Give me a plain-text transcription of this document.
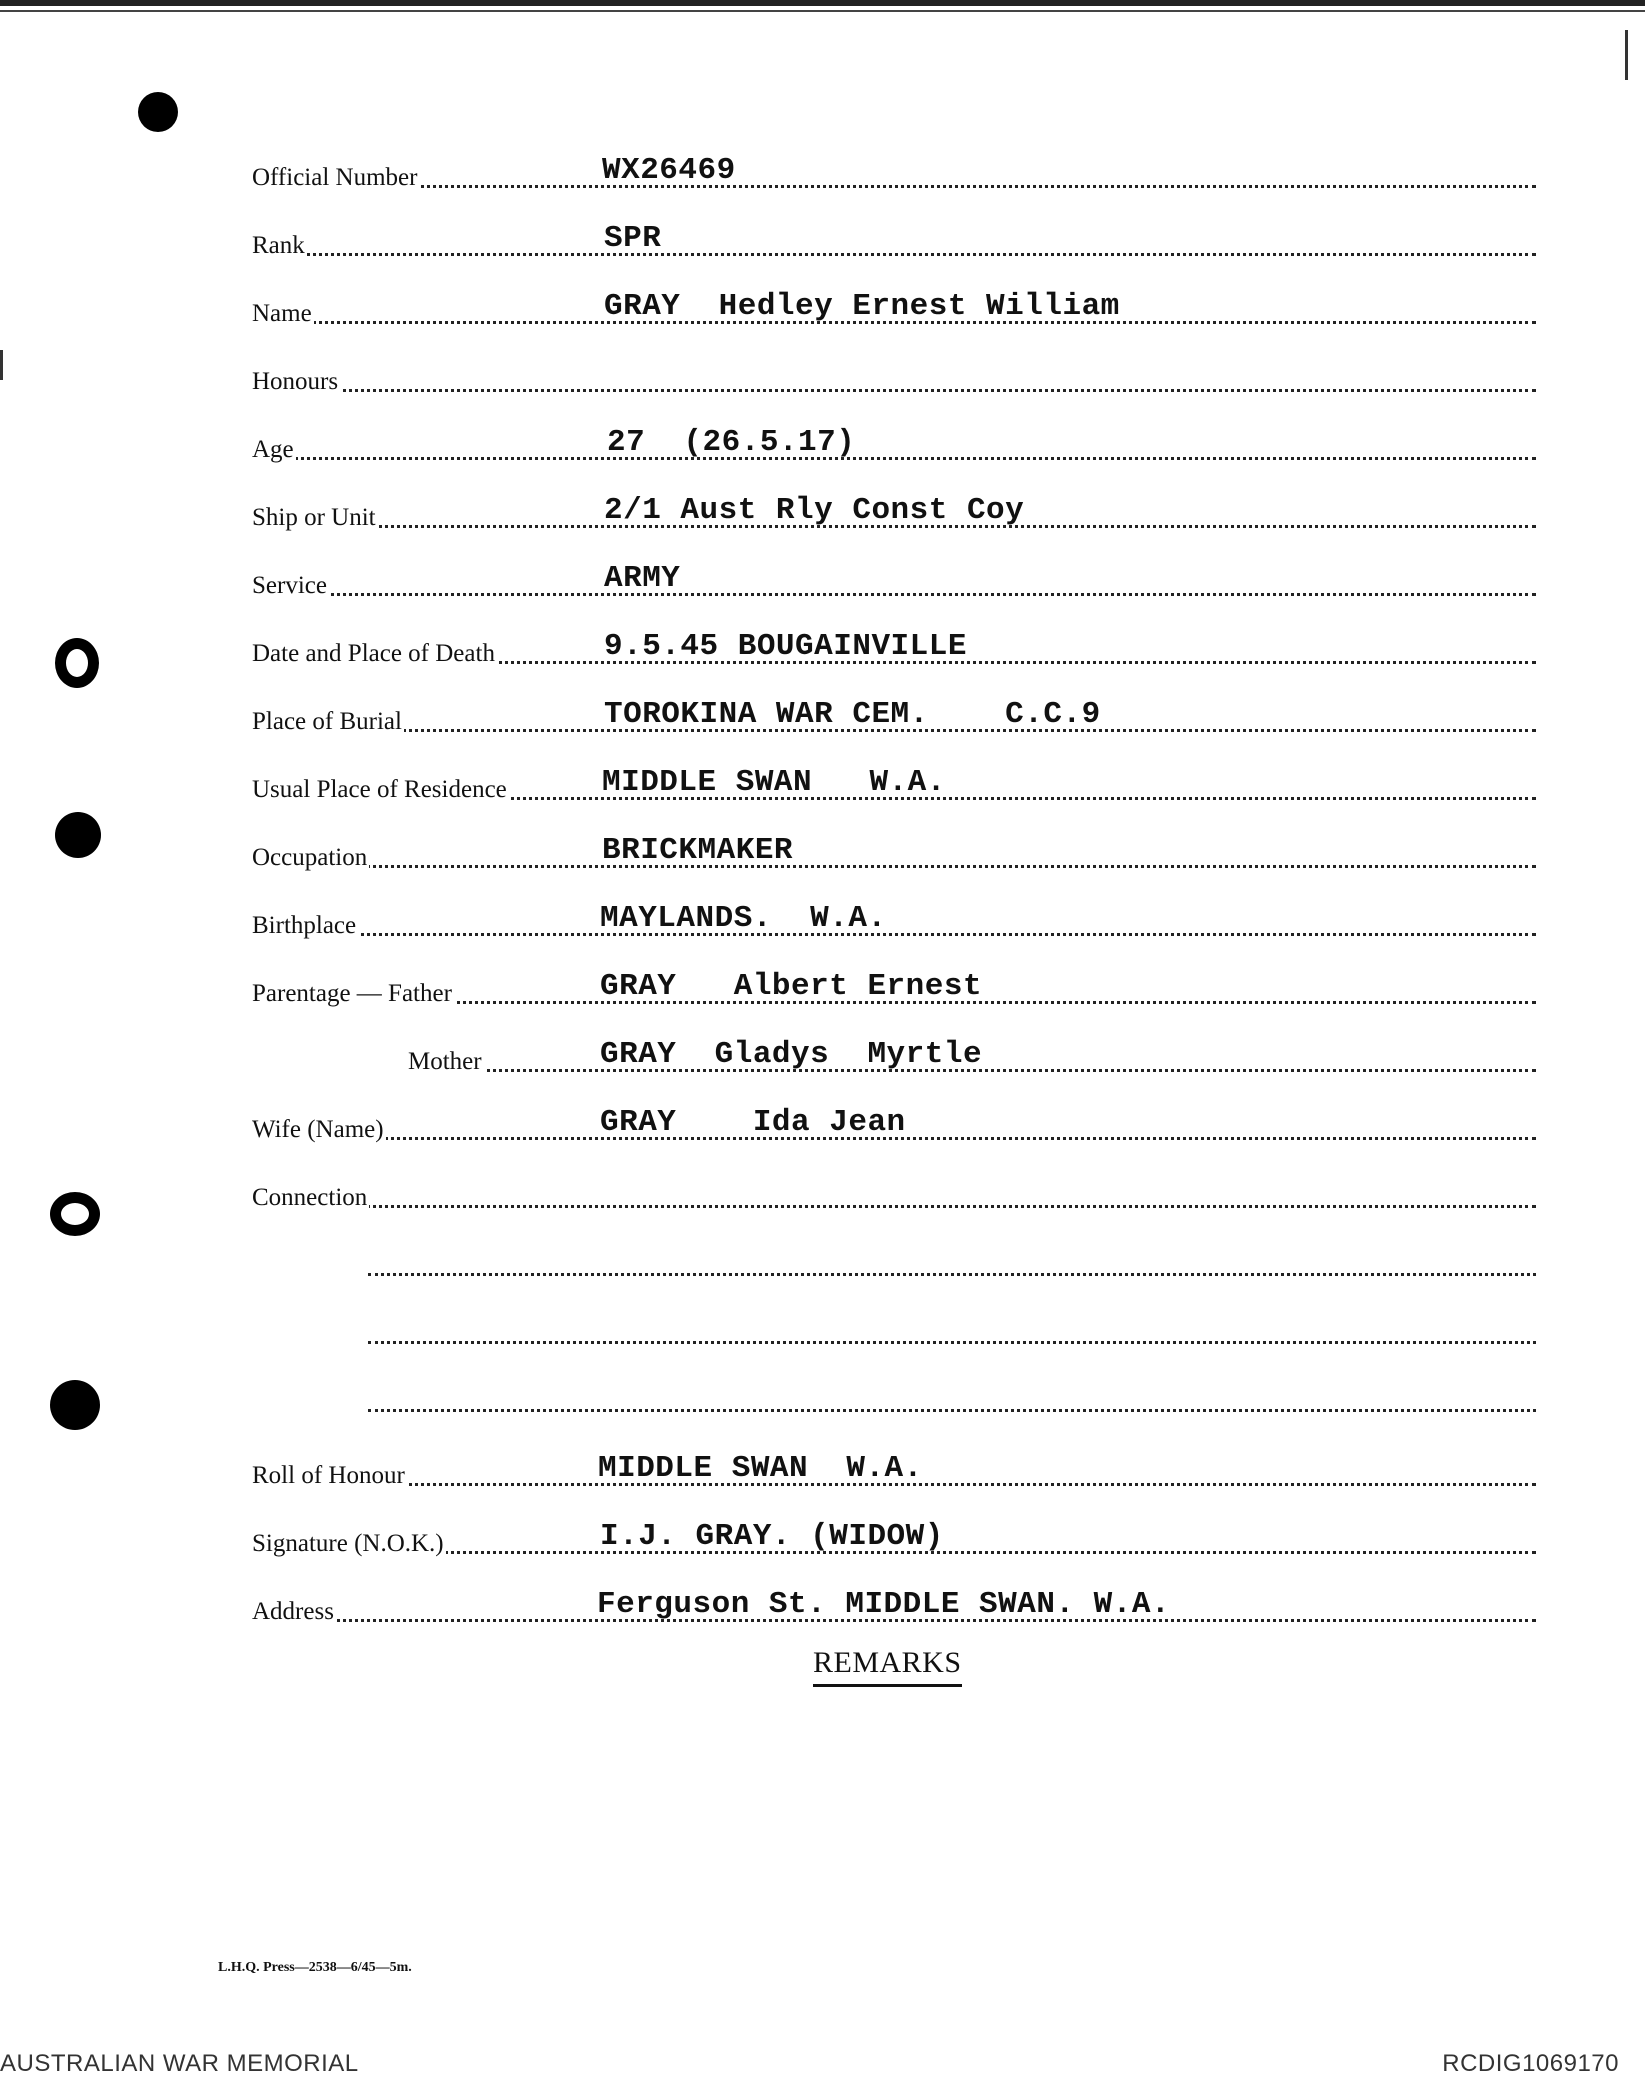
Official Number	WX26469
Rank	SPR
Name	GRAY  Hedley Ernest William
Honours
Age	27  (26.5.17)
Ship or Unit	2/1 Aust Rly Const Coy
Service	ARMY
Date and Place of Death	9.5.45 BOUGAINVILLE
Place of Burial	TOROKINA WAR CEM.    C.C.9
Usual Place of Residence	MIDDLE SWAN   W.A.
Occupation	BRICKMAKER
Birthplace	MAYLANDS.  W.A.
Parentage — Father	GRAY   Albert Ernest
Mother	GRAY  Gladys  Myrtle
Wife (Name)	GRAY    Ida Jean
Connection
Roll of Honour	MIDDLE SWAN  W.A.
Signature (N.O.K.)	I.J. GRAY. (WIDOW)
Address	Ferguson St. MIDDLE SWAN. W.A.
REMARKS
L.H.Q. Press—2538—6/45—5m.
AUSTRALIAN WAR MEMORIAL	RCDIG1069170
